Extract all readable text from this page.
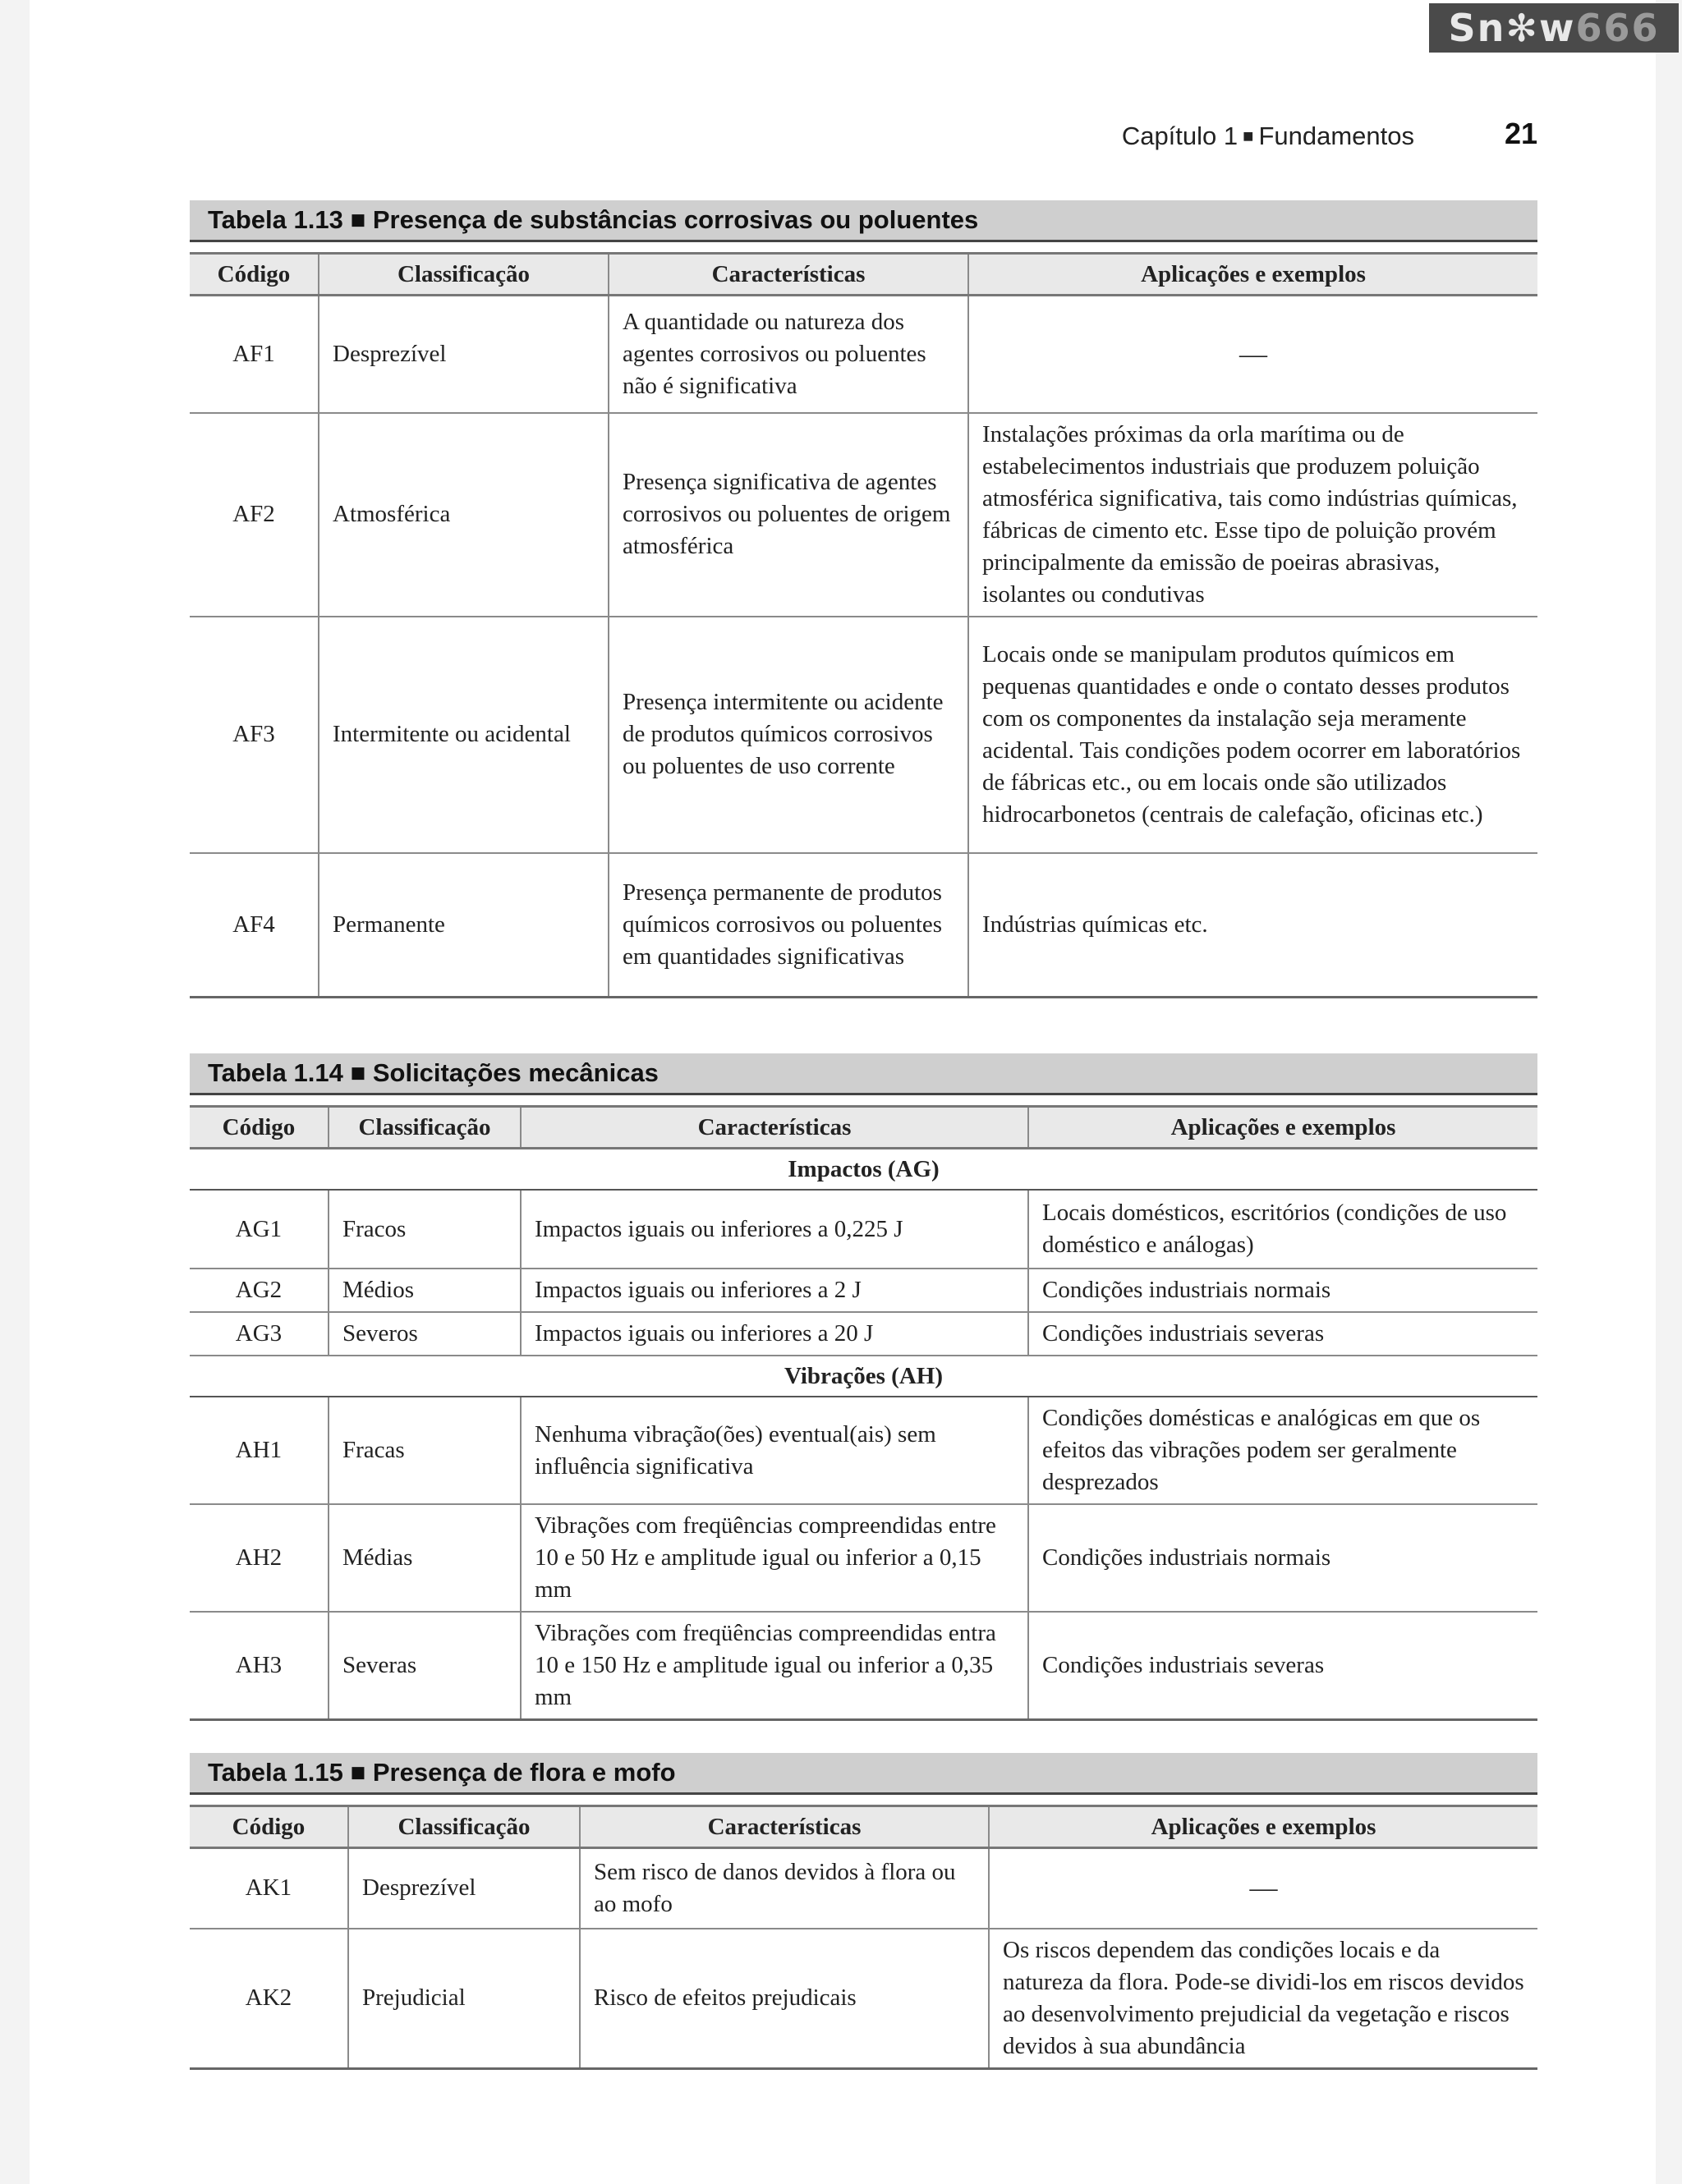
Sn✻w666
Capítulo 1 ■ Fundamentos	21
Tabela 1.13 ■ Presença de substâncias corrosivas ou poluentes
Código	Classificação	Características	Aplicações e exemplos
AF1	Desprezível	A quantidade ou natureza dos agentes corrosivos ou poluentes não é significativa	—
AF2	Atmosférica	Presença significativa de agentes corrosivos ou poluentes de origem atmosférica	Instalações próximas da orla marítima ou de estabelecimentos industriais que produzem poluição atmosférica significativa, tais como indústrias químicas, fábricas de cimento etc. Esse tipo de poluição provém principalmente da emissão de poeiras abrasivas, isolantes ou condutivas
AF3	Intermitente ou acidental	Presença intermitente ou acidente de produtos químicos corrosivos ou poluentes de uso corrente	Locais onde se manipulam produtos químicos em pequenas quantidades e onde o contato desses produtos com os componentes da instalação seja meramente acidental. Tais condições podem ocorrer em laboratórios de fábricas etc., ou em locais onde são utilizados hidrocarbonetos (centrais de calefação, oficinas etc.)
AF4	Permanente	Presença permanente de produtos químicos corrosivos ou poluentes em quantidades significativas	Indústrias químicas etc.
Tabela 1.14 ■ Solicitações mecânicas
Código	Classificação	Características	Aplicações e exemplos
Impactos (AG)			
AG1	Fracos	Impactos iguais ou inferiores a 0,225 J	Locais domésticos, escritórios (condições de uso doméstico e análogas)
AG2	Médios	Impactos iguais ou inferiores a 2 J	Condições industriais normais
AG3	Severos	Impactos iguais ou inferiores a 20 J	Condições industriais severas
Vibrações (AH)			
AH1	Fracas	Nenhuma vibração(ões) eventual(ais) sem influência significativa	Condições domésticas e analógicas em que os efeitos das vibrações podem ser geralmente desprezados
AH2	Médias	Vibrações com freqüências compreendidas entre 10 e 50 Hz e amplitude igual ou inferior a 0,15 mm	Condições industriais normais
AH3	Severas	Vibrações com freqüências compreendidas entra 10 e 150 Hz e amplitude igual ou inferior a 0,35 mm	Condições industriais severas
Tabela 1.15 ■ Presença de flora e mofo
Código	Classificação	Características	Aplicações e exemplos
AK1	Desprezível	Sem risco de danos devidos à flora ou ao mofo	—
AK2	Prejudicial	Risco de efeitos prejudicais	Os riscos dependem das condições locais e da natureza da flora. Pode-se dividi-los em riscos devidos ao desenvolvimento prejudicial da vegetação e riscos devidos à sua abundância
